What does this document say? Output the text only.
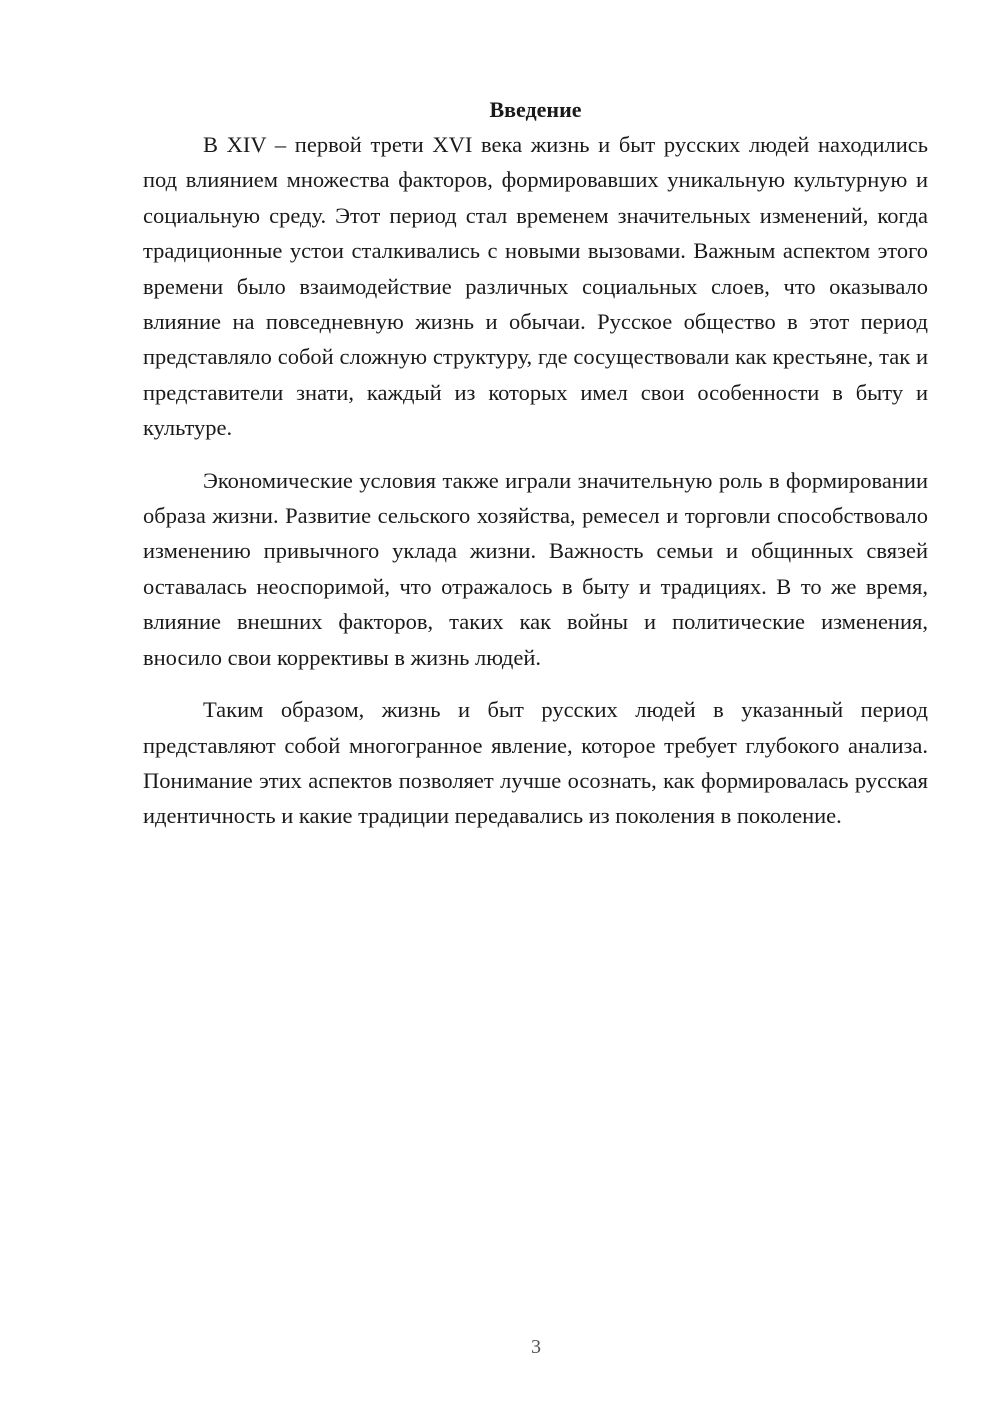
Введение

В XIV – первой трети XVI века жизнь и быт русских людей находились под влиянием множества факторов, формировавших уникальную культурную и социальную среду. Этот период стал временем значительных изменений, когда традиционные устои сталкивались с новыми вызовами. Важным аспектом этого времени было взаимодействие различных социальных слоев, что оказывало влияние на повседневную жизнь и обычаи. Русское общество в этот период представляло собой сложную структуру, где сосуществовали как крестьяне, так и представители знати, каждый из которых имел свои особенности в быту и культуре.

Экономические условия также играли значительную роль в формировании образа жизни. Развитие сельского хозяйства, ремесел и торговли способствовало изменению привычного уклада жизни. Важность семьи и общинных связей оставалась неоспоримой, что отражалось в быту и традициях. В то же время, влияние внешних факторов, таких как войны и политические изменения, вносило свои коррективы в жизнь людей.

Таким образом, жизнь и быт русских людей в указанный период представляют собой многогранное явление, которое требует глубокого анализа. Понимание этих аспектов позволяет лучше осознать, как формировалась русская идентичность и какие традиции передавались из поколения в поколение.

3
